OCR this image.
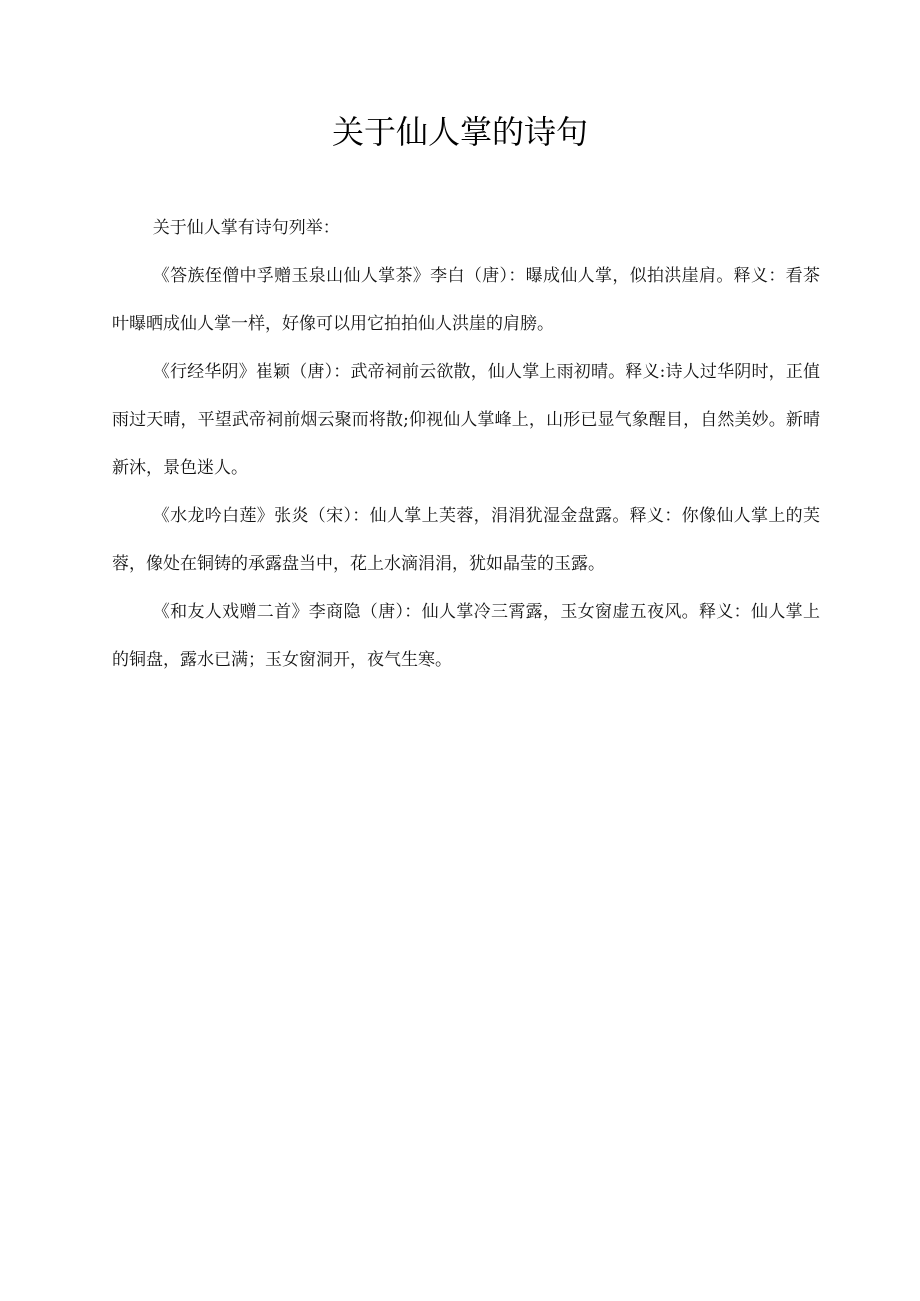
关于仙人掌的诗句

关于仙人掌有诗句列举：

《答族侄僧中孚赠玉泉山仙人掌茶》李白（唐）：曝成仙人掌，似拍洪崖肩。释义：看茶叶曝晒成仙人掌一样，好像可以用它拍拍仙人洪崖的肩膀。

《行经华阴》崔颖（唐）：武帝祠前云欲散，仙人掌上雨初晴。释义:诗人过华阴时，正值雨过天晴，平望武帝祠前烟云聚而将散;仰视仙人掌峰上，山形已显气象醒目，自然美妙。新晴新沐，景色迷人。

《水龙吟白莲》张炎（宋）：仙人掌上芙蓉，涓涓犹湿金盘露。释义：你像仙人掌上的芙蓉，像处在铜铸的承露盘当中，花上水滴涓涓，犹如晶莹的玉露。

《和友人戏赠二首》李商隐（唐）：仙人掌冷三霄露，玉女窗虚五夜风。释义：仙人掌上的铜盘，露水已满；玉女窗洞开，夜气生寒。
